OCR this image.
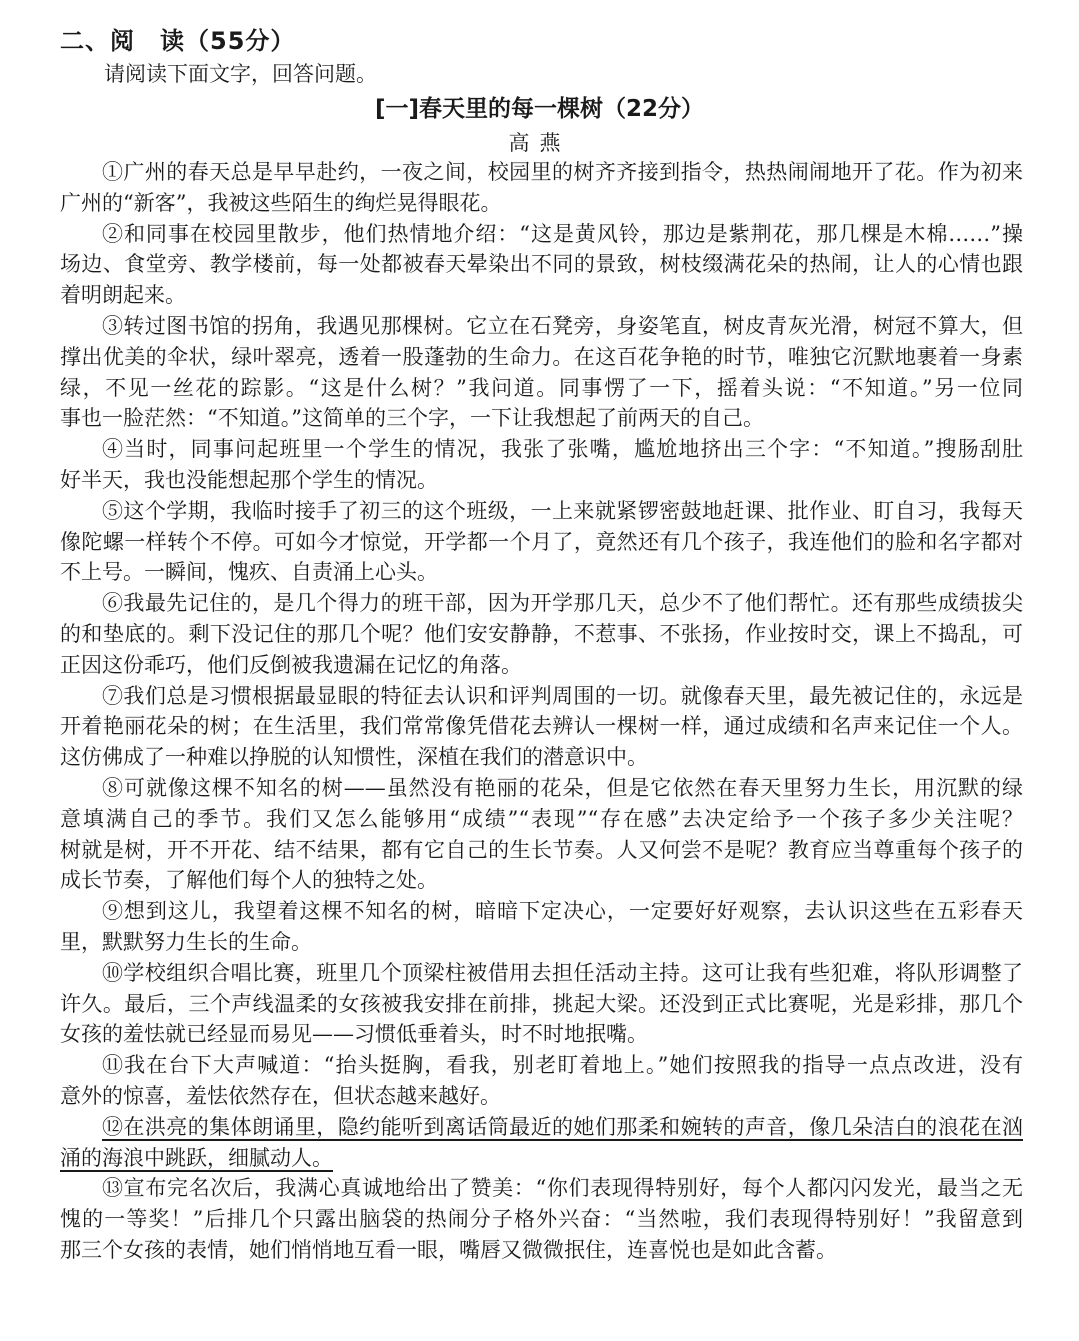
二、阅　读（55分）
请阅读下面文字，回答问题。
[一]春天里的每一棵树（22分）
高燕
①广州的春天总是早早赴约，一夜之间，校园里的树齐齐接到指令，热热闹闹地开了花。作为初来
广州的“新客”，我被这些陌生的绚烂晃得眼花。
②和同事在校园里散步，他们热情地介绍：“这是黄风铃，那边是紫荆花，那几棵是木棉……”操
场边、食堂旁、教学楼前，每一处都被春天晕染出不同的景致，树枝缀满花朵的热闹，让人的心情也跟
着明朗起来。
③转过图书馆的拐角，我遇见那棵树。它立在石凳旁，身姿笔直，树皮青灰光滑，树冠不算大，但
撑出优美的伞状，绿叶翠亮，透着一股蓬勃的生命力。在这百花争艳的时节，唯独它沉默地裹着一身素
绿，不见一丝花的踪影。“这是什么树？”我问道。同事愣了一下，摇着头说：“不知道。”另一位同
事也一脸茫然：“不知道。”这简单的三个字，一下让我想起了前两天的自己。
④当时，同事问起班里一个学生的情况，我张了张嘴，尴尬地挤出三个字：“不知道。”搜肠刮肚
好半天，我也没能想起那个学生的情况。
⑤这个学期，我临时接手了初三的这个班级，一上来就紧锣密鼓地赶课、批作业、盯自习，我每天
像陀螺一样转个不停。可如今才惊觉，开学都一个月了，竟然还有几个孩子，我连他们的脸和名字都对
不上号。一瞬间，愧疚、自责涌上心头。
⑥我最先记住的，是几个得力的班干部，因为开学那几天，总少不了他们帮忙。还有那些成绩拔尖
的和垫底的。剩下没记住的那几个呢？他们安安静静，不惹事、不张扬，作业按时交，课上不捣乱，可
正因这份乖巧，他们反倒被我遗漏在记忆的角落。
⑦我们总是习惯根据最显眼的特征去认识和评判周围的一切。就像春天里，最先被记住的，永远是
开着艳丽花朵的树；在生活里，我们常常像凭借花去辨认一棵树一样，通过成绩和名声来记住一个人。
这仿佛成了一种难以挣脱的认知惯性，深植在我们的潜意识中。
⑧可就像这棵不知名的树——虽然没有艳丽的花朵，但是它依然在春天里努力生长，用沉默的绿
意填满自己的季节。我们又怎么能够用“成绩”“表现”“存在感”去决定给予一个孩子多少关注呢？
树就是树，开不开花、结不结果，都有它自己的生长节奏。人又何尝不是呢？教育应当尊重每个孩子的
成长节奏，了解他们每个人的独特之处。
⑨想到这儿，我望着这棵不知名的树，暗暗下定决心，一定要好好观察，去认识这些在五彩春天
里，默默努力生长的生命。
⑩学校组织合唱比赛，班里几个顶梁柱被借用去担任活动主持。这可让我有些犯难，将队形调整了
许久。最后，三个声线温柔的女孩被我安排在前排，挑起大梁。还没到正式比赛呢，光是彩排，那几个
女孩的羞怯就已经显而易见——习惯低垂着头，时不时地抿嘴。
⑪我在台下大声喊道：“抬头挺胸，看我，别老盯着地上。”她们按照我的指导一点点改进，没有
意外的惊喜，羞怯依然存在，但状态越来越好。
⑫在洪亮的集体朗诵里，隐约能听到离话筒最近的她们那柔和婉转的声音，像几朵洁白的浪花在汹
涌的海浪中跳跃，细腻动人。
⑬宣布完名次后，我满心真诚地给出了赞美：“你们表现得特别好，每个人都闪闪发光，最当之无
愧的一等奖！”后排几个只露出脑袋的热闹分子格外兴奋：“当然啦，我们表现得特别好！”我留意到
那三个女孩的表情，她们悄悄地互看一眼，嘴唇又微微抿住，连喜悦也是如此含蓄。
